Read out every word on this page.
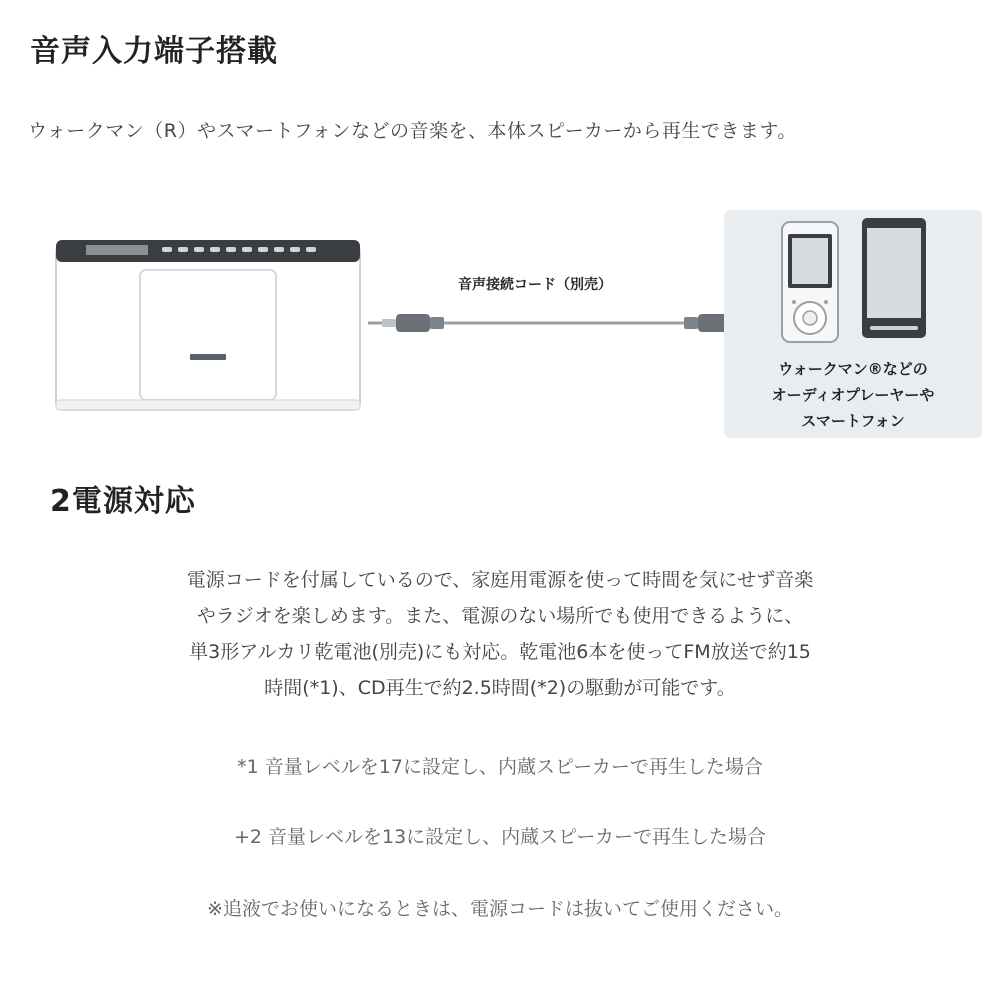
音声入力端子搭載
ウォークマン（R）やスマートフォンなどの音楽を、本体スピーカーから再生できます。
音声接続コード（別売）
ウォークマン®などの
オーディオプレーヤーや
スマートフォン
2電源対応
電源コードを付属しているので、家庭用電源を使って時間を気にせず音楽
やラジオを楽しめます。また、電源のない場所でも使用できるように、
単3形アルカリ乾電池(別売)にも対応。乾電池6本を使ってFM放送で約15
時間(*1)、CD再生で約2.5時間(*2)の駆動が可能です。
*1 音量レベルを17に設定し、内蔵スピーカーで再生した場合
+2 音量レベルを13に設定し、内蔵スピーカーで再生した場合
※追液でお使いになるときは、電源コードは抜いてご使用ください。
